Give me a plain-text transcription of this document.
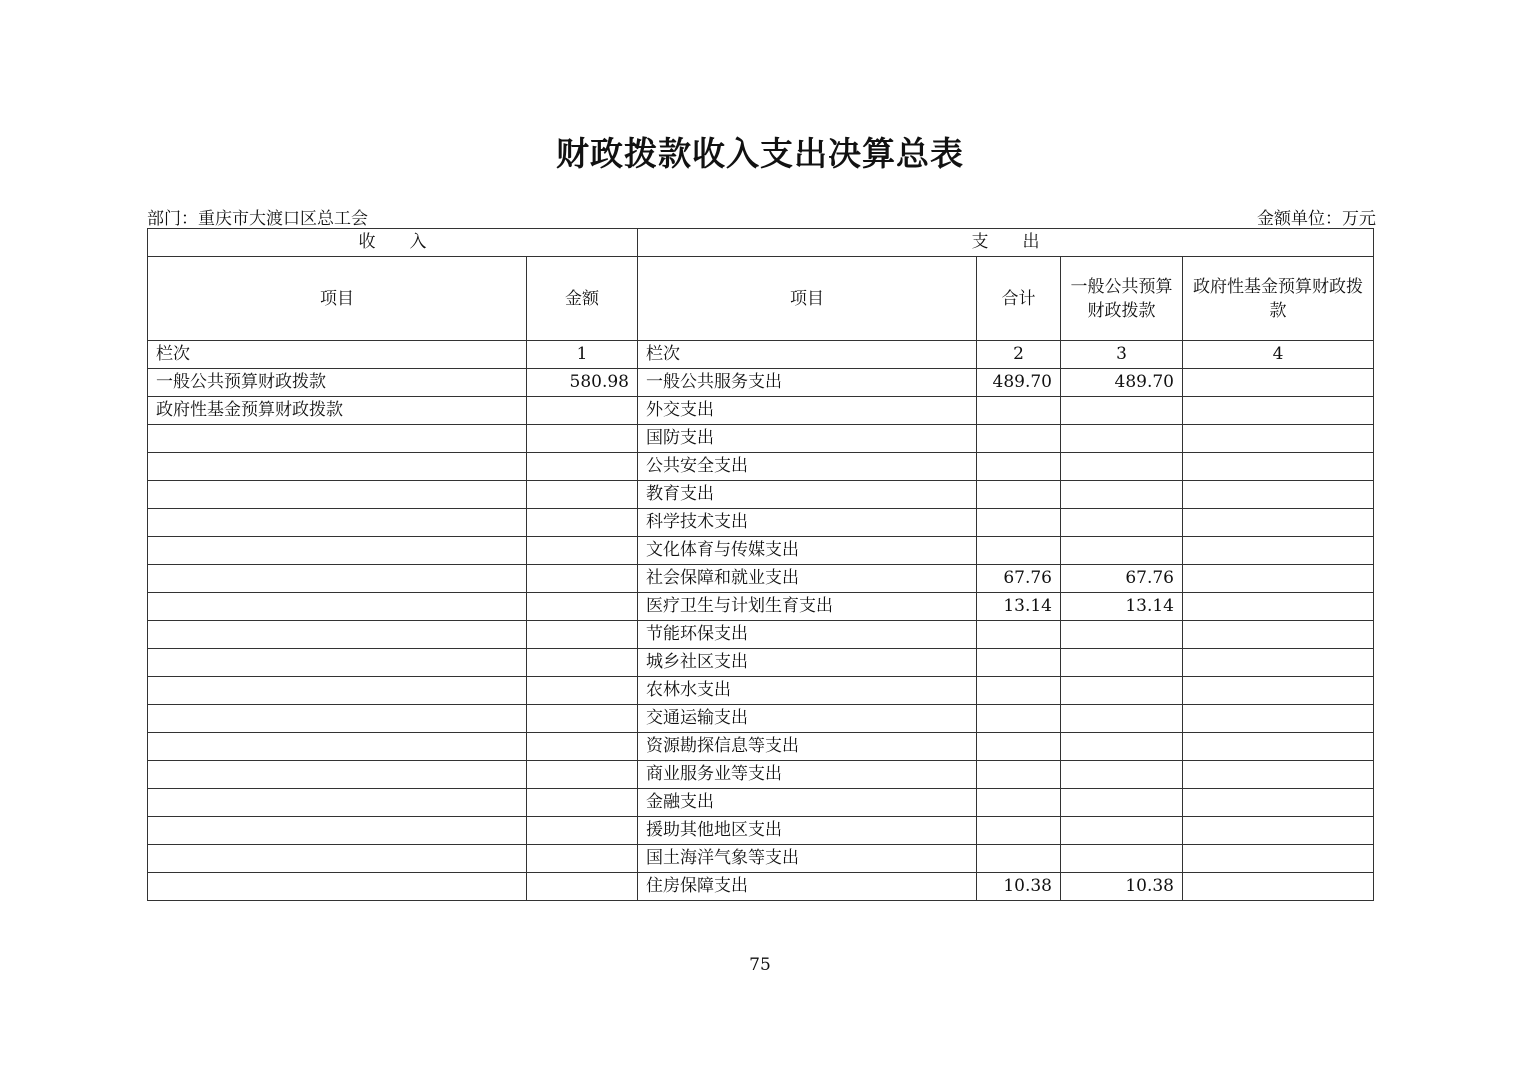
财政拨款收入支出决算总表
部门：重庆市大渡口区总工会	金额单位：万元
收　　入		支　　出			
项目	金额	项目	合计	一般公共预算财政拨款	政府性基金预算财政拨款
栏次	1	栏次	2	3	4
一般公共预算财政拨款	580.98	一般公共服务支出	489.70	489.70	
政府性基金预算财政拨款		外交支出			
		国防支出			
		公共安全支出			
		教育支出			
		科学技术支出			
		文化体育与传媒支出			
		社会保障和就业支出	67.76	67.76	
		医疗卫生与计划生育支出	13.14	13.14	
		节能环保支出			
		城乡社区支出			
		农林水支出			
		交通运输支出			
		资源勘探信息等支出			
		商业服务业等支出			
		金融支出			
		援助其他地区支出			
		国土海洋气象等支出			
		住房保障支出	10.38	10.38	
75
